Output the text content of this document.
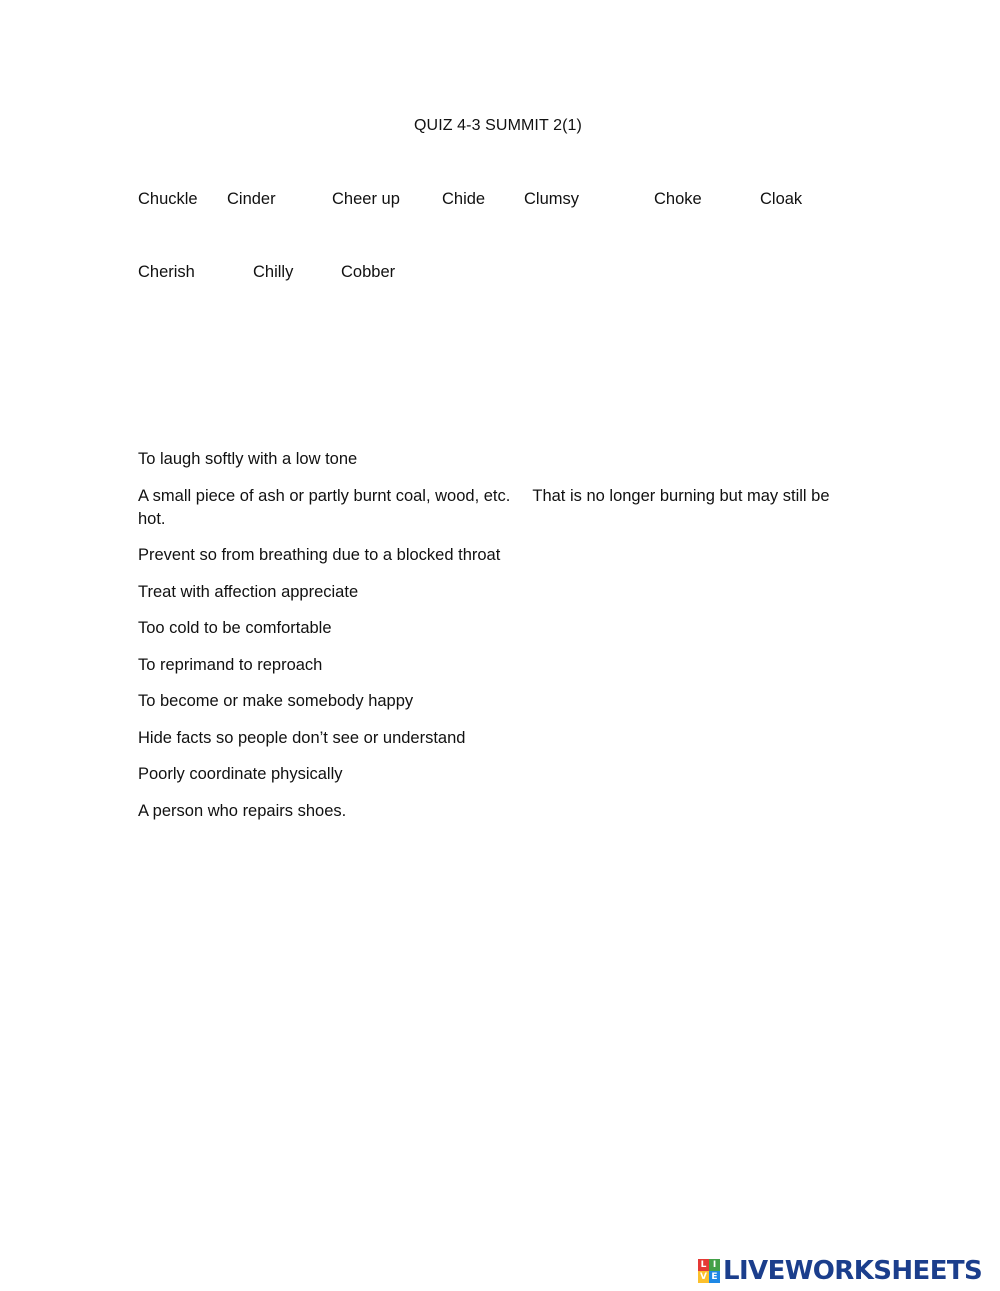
QUIZ 4-3 SUMMIT 2(1)
Chuckle Cinder	Cheer up	Chide Clumsy	Choke	Cloak
Cherish	Chilly	Cobber

To laugh softly with a low tone

A small piece of ash or partly burnt coal, wood, etc. That is no longer burning but may still be hot.

Prevent so from breathing due to a blocked throat

Treat with affection appreciate

Too cold to be comfortable

To reprimand to reproach

To become or make somebody happy

Hide facts so people don’t see or understand

Poorly coordinate physically

A person who repairs shoes.

L I
V E LIVEWORKSHEETS
